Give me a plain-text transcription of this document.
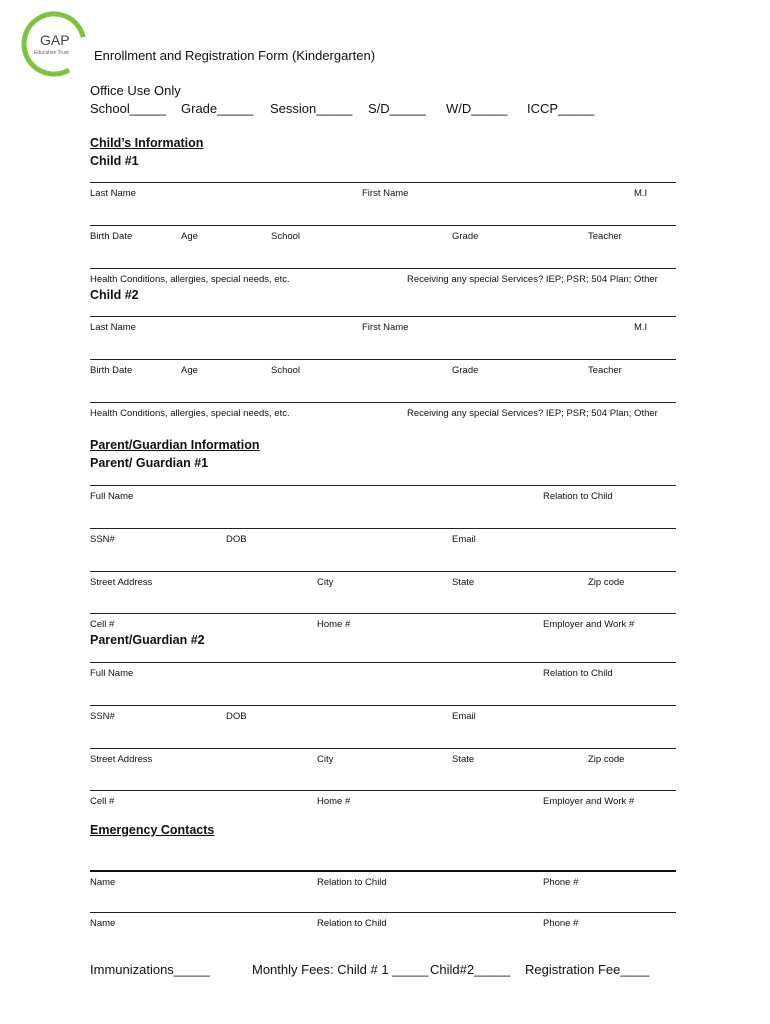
GAP
Education Trust Enrollment and Registration Form (Kindergarten)
Office Use Only
School_____ Grade_____ Session_____ S/D_____ W/D_____ ICCP_____
Child’s Information
Child #1
Last Name	First Name	M.I
Birth Date	Age	School	Grade	Teacher
Health Conditions, allergies, special needs, etc.	Receiving any special Services? IEP; PSR; 504 Plan; Other
Child #2
Last Name	First Name	M.I
Birth Date	Age	School	Grade	Teacher
Health Conditions, allergies, special needs, etc.	Receiving any special Services? IEP; PSR; 504 Plan; Other
Parent/Guardian Information
Parent/ Guardian #1
Full Name	Relation to Child
SSN#	DOB	Email
Street Address	City	State	Zip code
Cell #	Home #	Employer and Work #
Parent/Guardian #2
Full Name	Relation to Child
SSN#	DOB	Email
Street Address	City	State	Zip code
Cell #	Home #	Employer and Work #
Emergency Contacts
Name	Relation to Child	Phone #
Name	Relation to Child	Phone #
Immunizations_____	Monthly Fees: Child # 1 _____ Child#2_____ Registration Fee____
